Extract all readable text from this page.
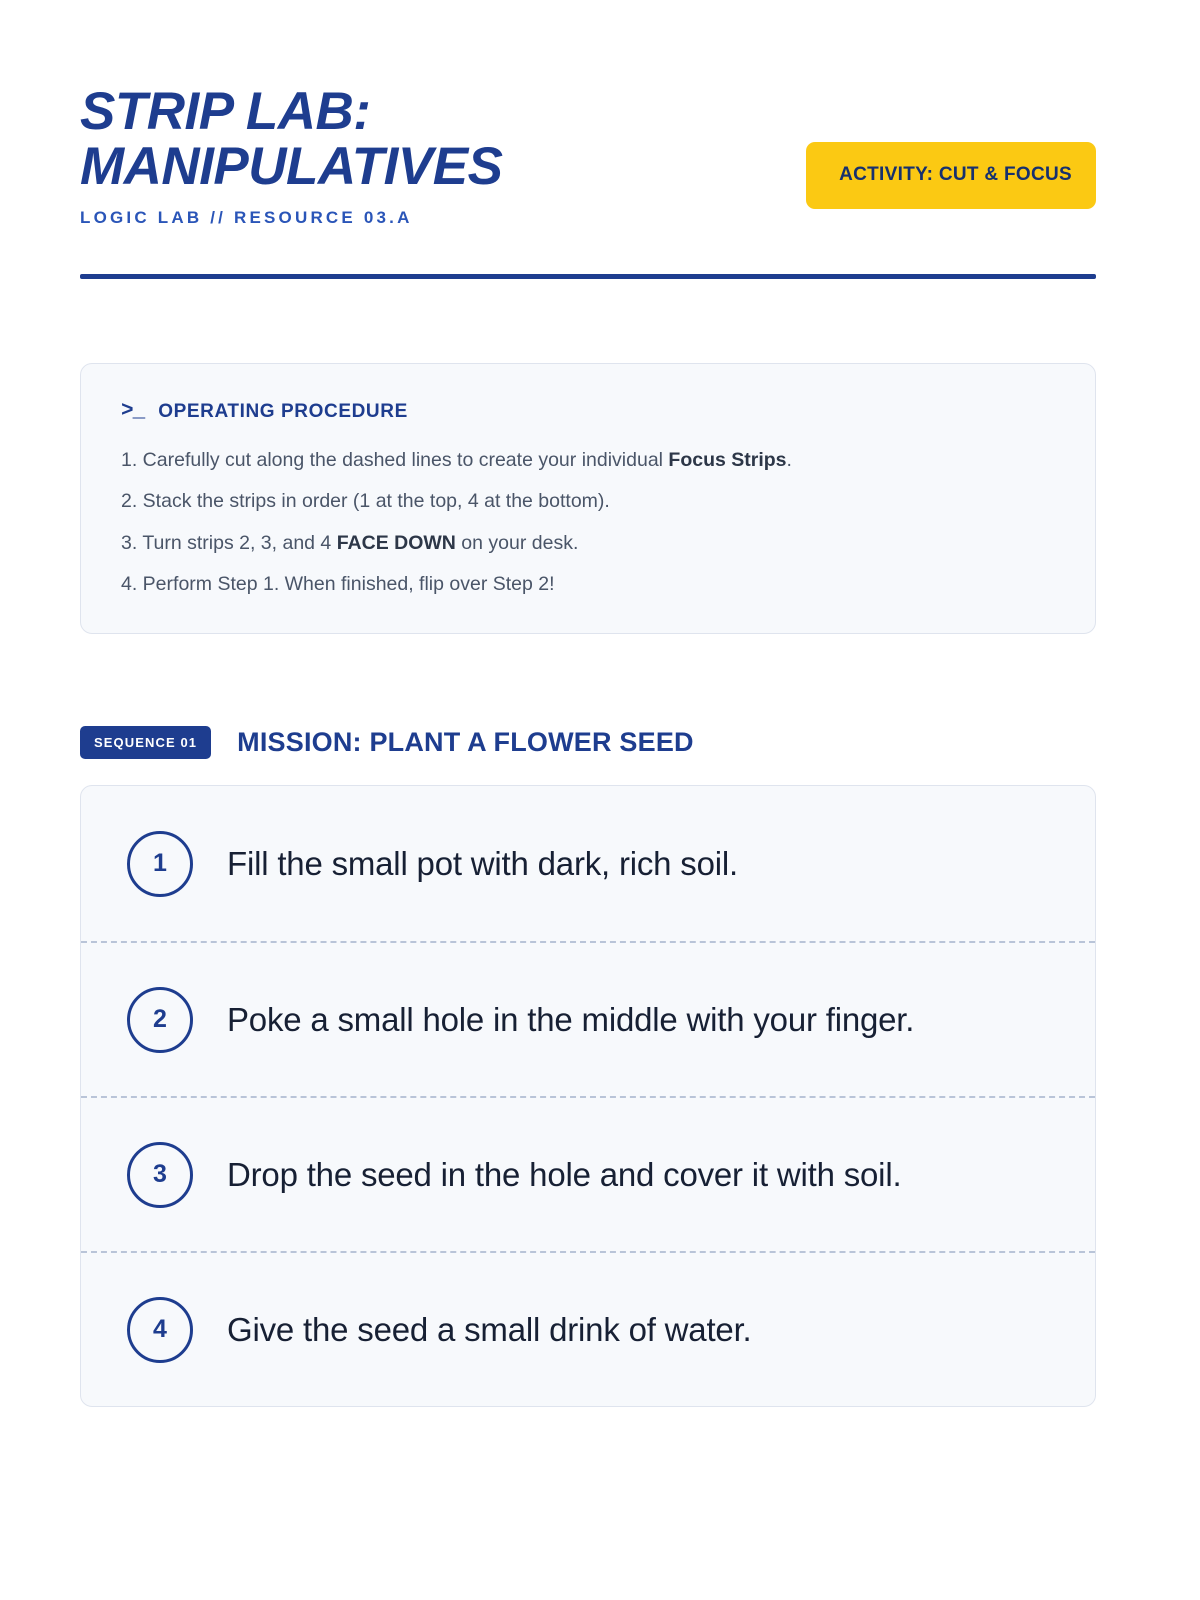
STRIP LAB: MANIPULATIVES
LOGIC LAB // RESOURCE 03.A
ACTIVITY: CUT & FOCUS
>_ OPERATING PROCEDURE
1. Carefully cut along the dashed lines to create your individual Focus Strips.
2. Stack the strips in order (1 at the top, 4 at the bottom).
3. Turn strips 2, 3, and 4 FACE DOWN on your desk.
4. Perform Step 1. When finished, flip over Step 2!
SEQUENCE 01	MISSION: PLANT A FLOWER SEED
1	Fill the small pot with dark, rich soil.
2	Poke a small hole in the middle with your finger.
3	Drop the seed in the hole and cover it with soil.
4	Give the seed a small drink of water.
